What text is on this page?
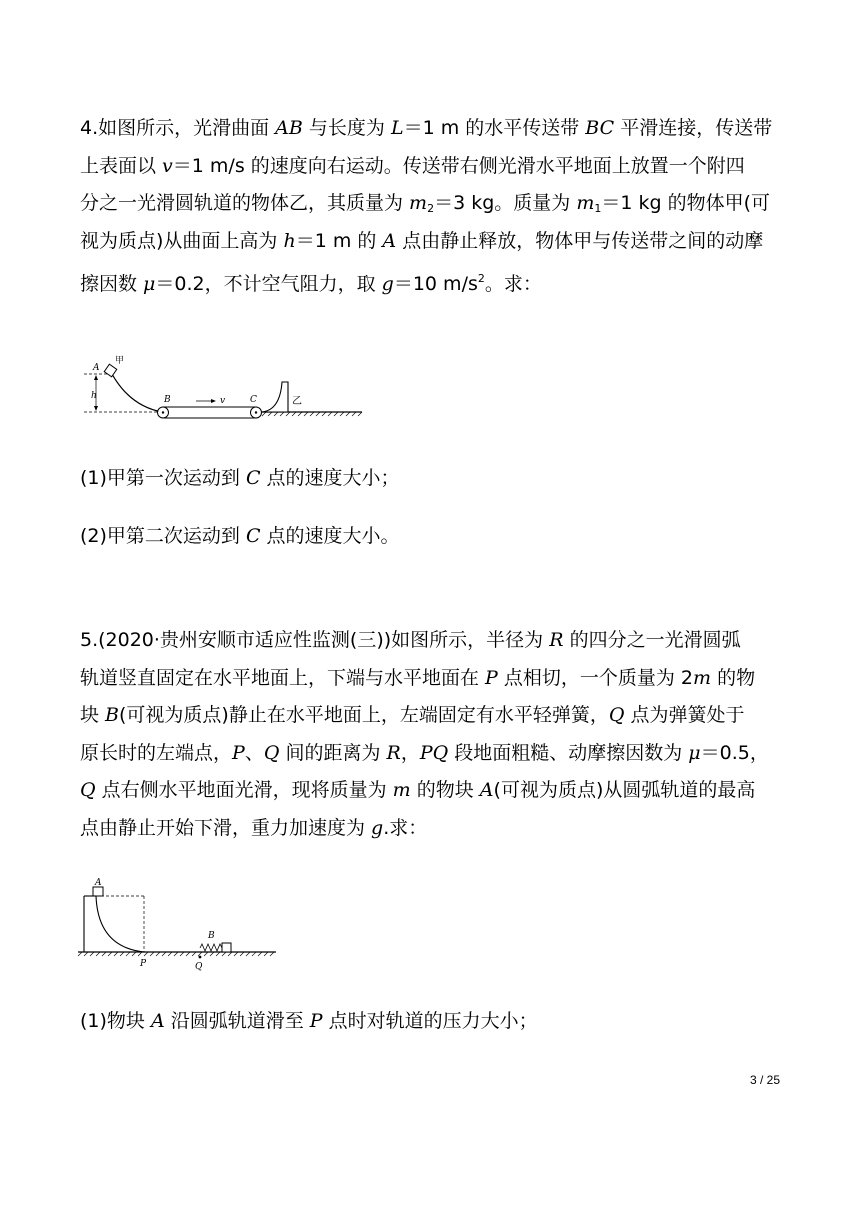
4.如图所示，光滑曲面 AB 与长度为 L＝1 m 的水平传送带 BC 平滑连接，传送带
上表面以 v＝1 m/s 的速度向右运动。传送带右侧光滑水平地面上放置一个附四
分之一光滑圆轨道的物体乙，其质量为 $m_2=3$ kg。质量为 $m_1=1$ kg 的物体甲(可
视为质点)从曲面上高为 h＝1 m 的 A 点由静止释放，物体甲与传送带之间的动摩
擦因数 μ＝0.2，不计空气阻力，取 g＝10 $m/s^2$。求：
h
A
甲
B	v	C	乙

(1)甲第一次运动到 C 点的速度大小；

(2)甲第二次运动到 C 点的速度大小。

5.(2020·贵州安顺市适应性监测(三))如图所示，半径为 R 的四分之一光滑圆弧
轨道竖直固定在水平地面上，下端与水平地面在 P 点相切，一个质量为 2m 的物
块 B(可视为质点)静止在水平地面上，左端固定有水平轻弹簧，Q 点为弹簧处于
原长时的左端点，P、Q 间的距离为 R，PQ 段地面粗糙、动摩擦因数为 μ＝0.5，
Q 点右侧水平地面光滑，现将质量为 m 的物块 A(可视为质点)从圆弧轨道的最高
点由静止开始下滑，重力加速度为 g.求：
A
P
B
Q

(1)物块 A 沿圆弧轨道滑至 P 点时对轨道的压力大小；

3 / 25
